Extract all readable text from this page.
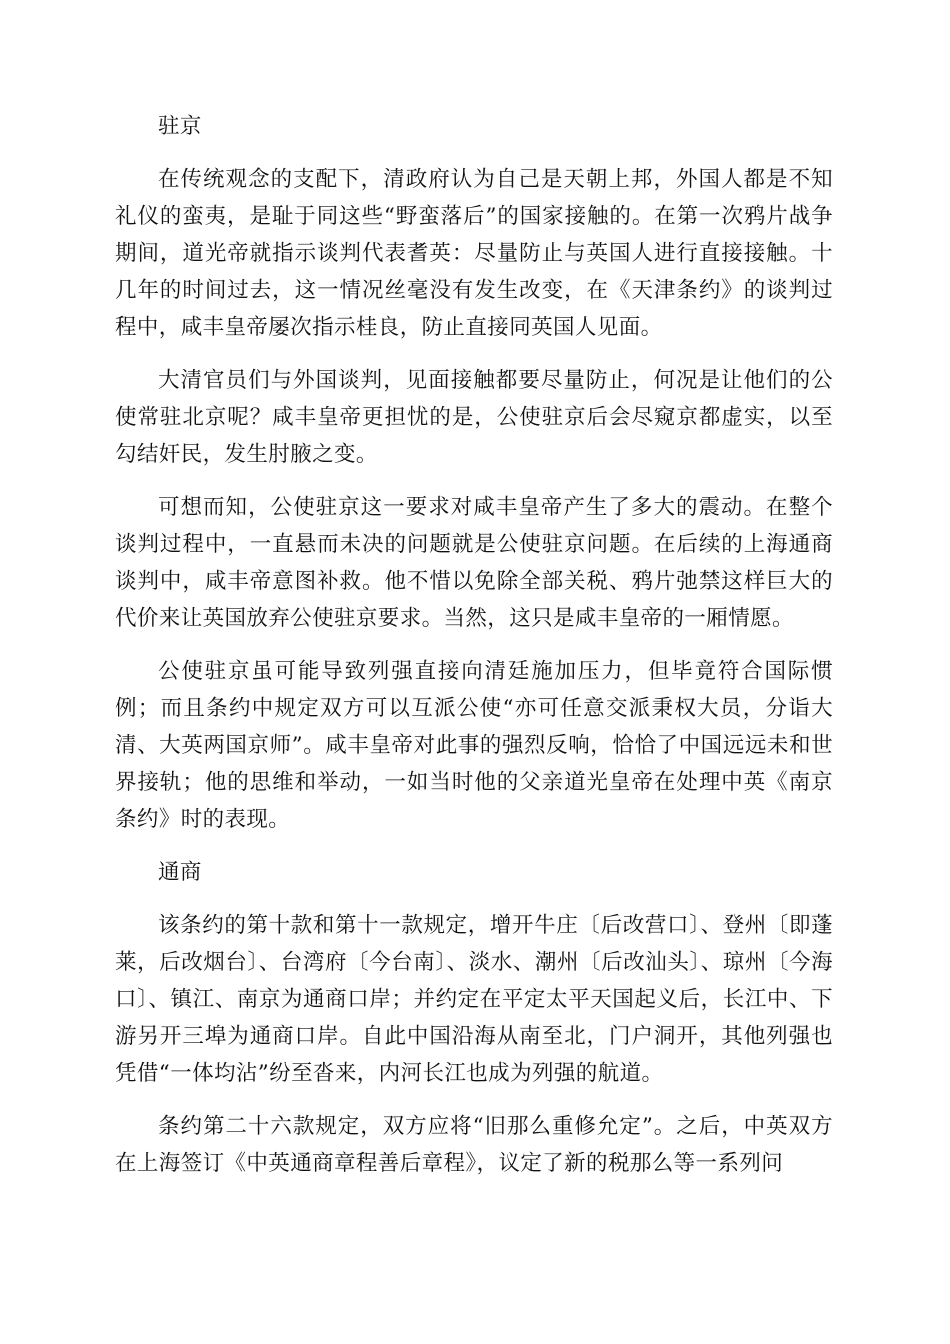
驻京

在传统观念的支配下，清政府认为自己是天朝上邦，外国人都是不知礼仪的蛮夷，是耻于同这些“野蛮落后”的国家接触的。在第一次鸦片战争期间，道光帝就指示谈判代表耆英：尽量防止与英国人进行直接接触。十几年的时间过去，这一情况丝毫没有发生改变，在《天津条约》的谈判过程中，咸丰皇帝屡次指示桂良，防止直接同英国人见面。

大清官员们与外国谈判，见面接触都要尽量防止，何况是让他们的公使常驻北京呢？咸丰皇帝更担忧的是，公使驻京后会尽窥京都虚实，以至勾结奸民，发生肘腋之变。

可想而知，公使驻京这一要求对咸丰皇帝产生了多大的震动。在整个谈判过程中，一直悬而未决的问题就是公使驻京问题。在后续的上海通商谈判中，咸丰帝意图补救。他不惜以免除全部关税、鸦片弛禁这样巨大的代价来让英国放弃公使驻京要求。当然，这只是咸丰皇帝的一厢情愿。

公使驻京虽可能导致列强直接向清廷施加压力，但毕竟符合国际惯例；而且条约中规定双方可以互派公使“亦可任意交派秉权大员，分诣大清、大英两国京师”。咸丰皇帝对此事的强烈反响，恰恰了中国远远未和世界接轨；他的思维和举动，一如当时他的父亲道光皇帝在处理中英《南京条约》时的表现。

通商

该条约的第十款和第十一款规定，增开牛庄〔后改营口〕、登州〔即蓬莱，后改烟台〕、台湾府〔今台南〕、淡水、潮州〔后改汕头〕、琼州〔今海口〕、镇江、南京为通商口岸；并约定在平定太平天国起义后，长江中、下游另开三埠为通商口岸。自此中国沿海从南至北，门户洞开，其他列强也凭借“一体均沾”纷至沓来，内河长江也成为列强的航道。

条约第二十六款规定，双方应将“旧那么重修允定”。之后，中英双方在上海签订《中英通商章程善后章程》，议定了新的税那么等一系列问
